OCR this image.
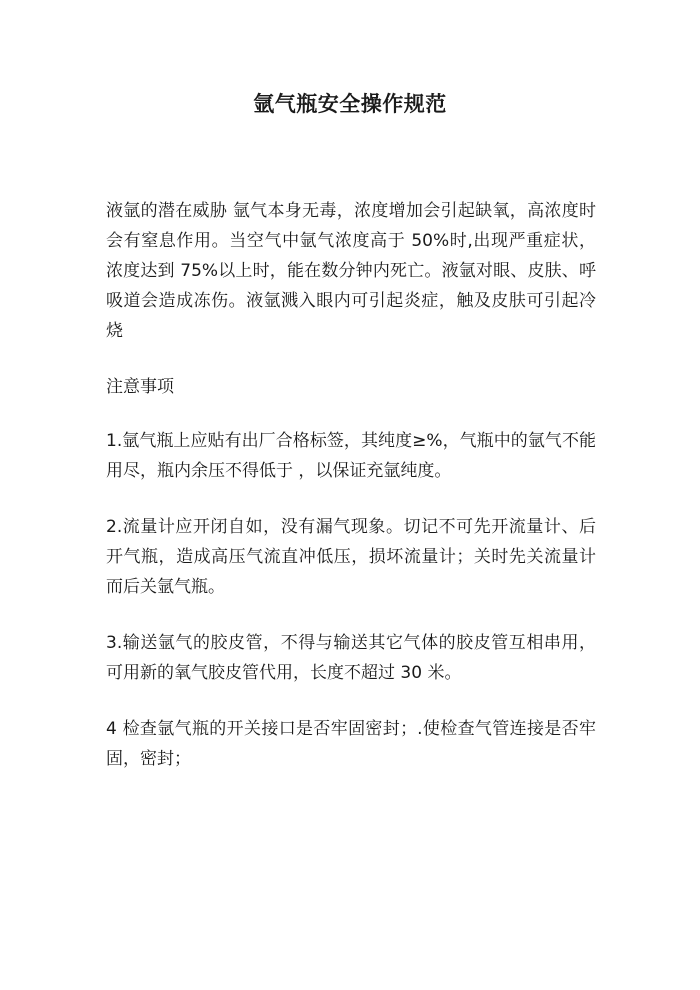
氩气瓶安全操作规范

液氩的潜在威胁 氩气本身无毒，浓度增加会引起缺氧，高浓度时会有窒息作用。当空气中氩气浓度高于 50%时,出现严重症状，浓度达到 75%以上时，能在数分钟内死亡。液氩对眼、皮肤、呼吸道会造成冻伤。液氩溅入眼内可引起炎症，触及皮肤可引起冷烧

注意事项

1.氩气瓶上应贴有出厂合格标签，其纯度≥%，气瓶中的氩气不能用尽，瓶内余压不得低于 ，以保证充氩纯度。

2.流量计应开闭自如，没有漏气现象。切记不可先开流量计、后开气瓶，造成高压气流直冲低压，损坏流量计；关时先关流量计而后关氩气瓶。

3.输送氩气的胶皮管，不得与输送其它气体的胶皮管互相串用，可用新的氧气胶皮管代用，长度不超过 30 米。

4 检查氩气瓶的开关接口是否牢固密封；.使检查气管连接是否牢固，密封；
